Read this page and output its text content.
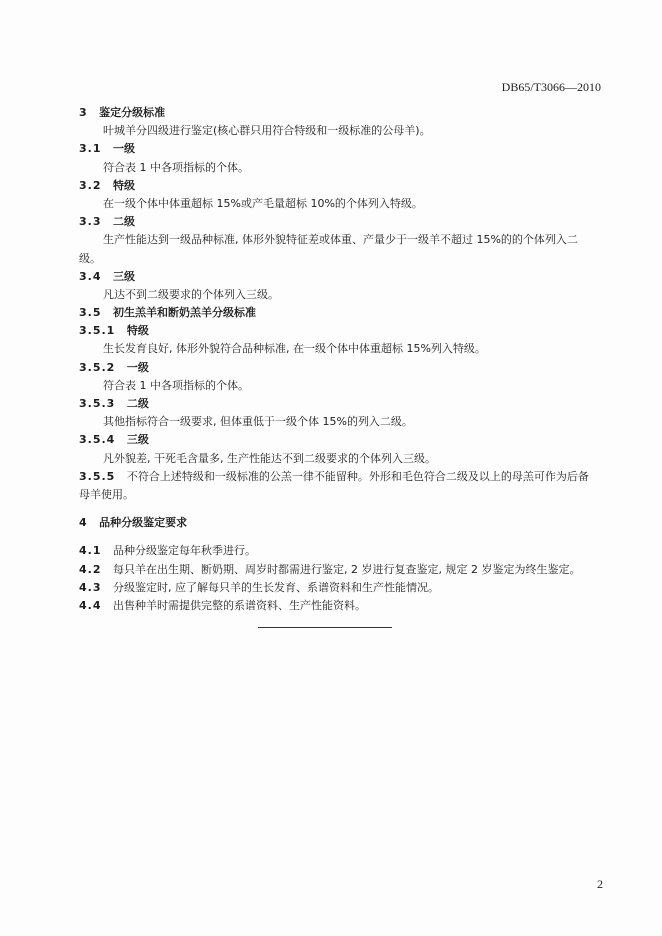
DB65/T3066—2010
3 鉴定分级标准
叶城羊分四级进行鉴定(核心群只用符合特级和一级标准的公母羊)。
3.1 一级
符合表 1 中各项指标的个体。
3.2 特级
在一级个体中体重超标 15%或产毛量超标 10%的个体列入特级。
3.3 二级
生产性能达到一级品种标准, 体形外貌特征差或体重、产量少于一级羊不超过 15%的的个体列入二
级。
3.4 三级
凡达不到二级要求的个体列入三级。
3.5 初生羔羊和断奶羔羊分级标准
3.5.1 特级
生长发育良好, 体形外貌符合品种标准, 在一级个体中体重超标 15%列入特级。
3.5.2 一级
符合表 1 中各项指标的个体。
3.5.3 二级
其他指标符合一级要求, 但体重低于一级个体 15%的列入二级。
3.5.4 三级
凡外貌差, 干死毛含量多, 生产性能达不到二级要求的个体列入三级。
3.5.5 不符合上述特级和一级标准的公羔一律不能留种。外形和毛色符合二级及以上的母羔可作为后备
母羊使用。
4 品种分级鉴定要求
4.1 品种分级鉴定每年秋季进行。
4.2 每只羊在出生期、断奶期、周岁时都需进行鉴定, 2 岁进行复查鉴定, 规定 2 岁鉴定为终生鉴定。
4.3 分级鉴定时, 应了解每只羊的生长发育、系谱资料和生产性能情况。
4.4 出售种羊时需提供完整的系谱资料、生产性能资料。
2
